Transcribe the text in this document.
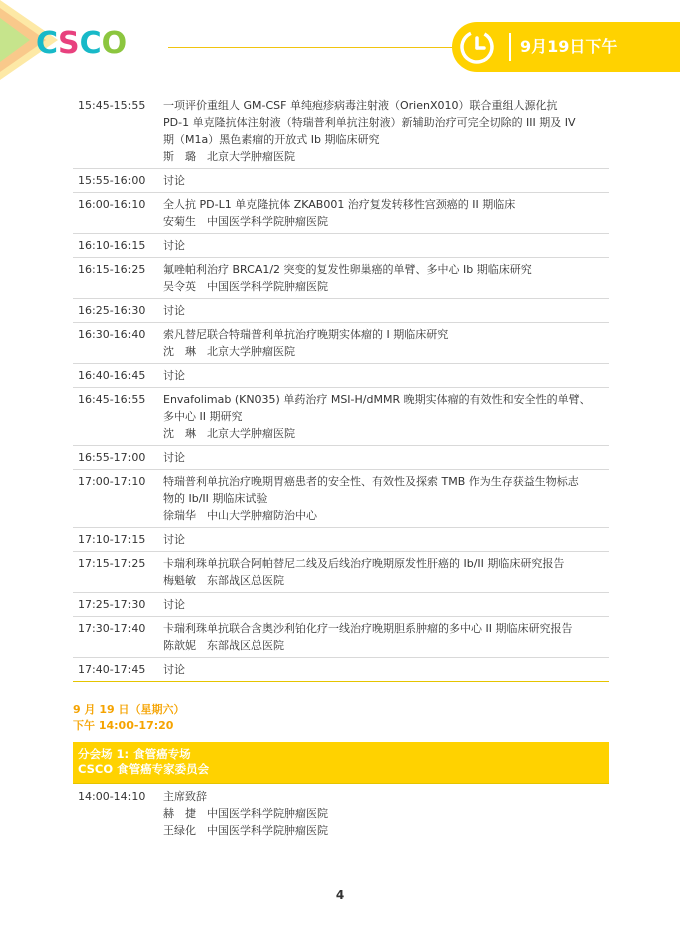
CSCO	9月19日下午
15:45-15:55	一项评价重组人 GM-CSF 单纯疱疹病毒注射液（OrienX010）联合重组人源化抗
PD-1 单克隆抗体注射液（特瑞普利单抗注射液）新辅助治疗可完全切除的 III 期及 IV
期（M1a）黑色素瘤的开放式 Ib 期临床研究
斯　璐　北京大学肿瘤医院
15:55-16:00	讨论
16:00-16:10	全人抗 PD-L1 单克隆抗体 ZKAB001 治疗复发转移性宫颈癌的 II 期临床
安菊生　中国医学科学院肿瘤医院
16:10-16:15	讨论
16:15-16:25	氟唑帕利治疗 BRCA1/2 突变的复发性卵巢癌的单臂、多中心 Ib 期临床研究
吴令英　中国医学科学院肿瘤医院
16:25-16:30	讨论
16:30-16:40	索凡替尼联合特瑞普利单抗治疗晚期实体瘤的 I 期临床研究
沈　琳　北京大学肿瘤医院
16:40-16:45	讨论
16:45-16:55	Envafolimab (KN035) 单药治疗 MSI-H/dMMR 晚期实体瘤的有效性和安全性的单臂、
多中心 II 期研究
沈　琳　北京大学肿瘤医院
16:55-17:00	讨论
17:00-17:10	特瑞普利单抗治疗晚期胃癌患者的安全性、有效性及探索 TMB 作为生存获益生物标志
物的 Ib/II 期临床试验
徐瑞华　中山大学肿瘤防治中心
17:10-17:15	讨论
17:15-17:25	卡瑞利珠单抗联合阿帕替尼二线及后线治疗晚期原发性肝癌的 Ib/II 期临床研究报告
梅魁敏　东部战区总医院
17:25-17:30	讨论
17:30-17:40	卡瑞利珠单抗联合含奥沙利铂化疗一线治疗晚期胆系肿瘤的多中心 II 期临床研究报告
陈歆妮　东部战区总医院
17:40-17:45	讨论
9 月 19 日（星期六）
下午 14:00-17:20
分会场 1: 食管癌专场
CSCO 食管癌专家委员会
14:00-14:10	主席致辞
赫　捷　中国医学科学院肿瘤医院
王绿化　中国医学科学院肿瘤医院
4
